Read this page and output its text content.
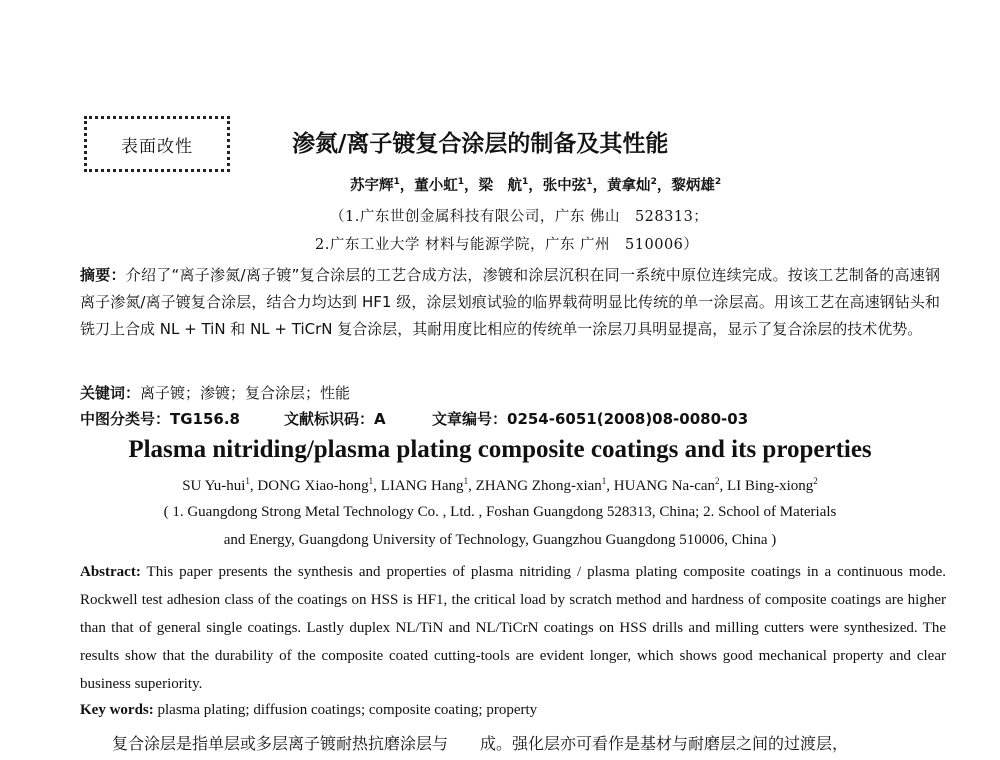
表面改性	渗氮/离子镀复合涂层的制备及其性能
苏宇辉$^1$，董小虹$^1$，梁　航$^1$，张中弦$^1$，黄拿灿$^2$，黎炳雄$^2$
（1.广东世创金属科技有限公司，广东 佛山　528313；
2.广东工业大学 材料与能源学院，广东 广州　510006）
摘要：介绍了“离子渗氮/离子镀”复合涂层的工艺合成方法，渗镀和涂层沉积在同一系统中原位连续完成。按该工艺制备的高速钢离子渗氮/离子镀复合涂层，结合力均达到 HF1 级，涂层划痕试验的临界载荷明显比传统的单一涂层高。用该工艺在高速钢钻头和铣刀上合成 NL + TiN 和 NL + TiCrN 复合涂层，其耐用度比相应的传统单一涂层刀具明显提高，显示了复合涂层的技术优势。
关键词：离子镀；渗镀；复合涂层；性能
中图分类号：TG156.8	文献标识码：A	文章编号：0254-6051(2008)08-0080-03
Plasma nitriding/plasma plating composite coatings and its properties
SU Yu-hui$^1$, DONG Xiao-hong$^1$, LIANG Hang$^1$, ZHANG Zhong-xian$^1$, HUANG Na-can$^2$, LI Bing-xiong$^2$
( 1. Guangdong Strong Metal Technology Co. , Ltd. , Foshan Guangdong 528313, China; 2. School of Materials
and Energy, Guangdong University of Technology, Guangzhou Guangdong 510006, China )
Abstract: This paper presents the synthesis and properties of plasma nitriding / plasma plating composite coatings in a continuous mode. Rockwell test adhesion class of the coatings on HSS is HF1, the critical load by scratch method and hardness of composite coatings are higher than that of general single coatings. Lastly duplex NL/TiN and NL/TiCrN coatings on HSS drills and milling cutters were synthesized. The results show that the durability of the composite coated cutting-tools are evident longer, which shows good mechanical property and clear business superiority.
Key words: plasma plating; diffusion coatings; composite coating; property
复合涂层是指单层或多层离子镀耐热抗磨涂层与　　成。强化层亦可看作是基材与耐磨层之间的过渡层，
